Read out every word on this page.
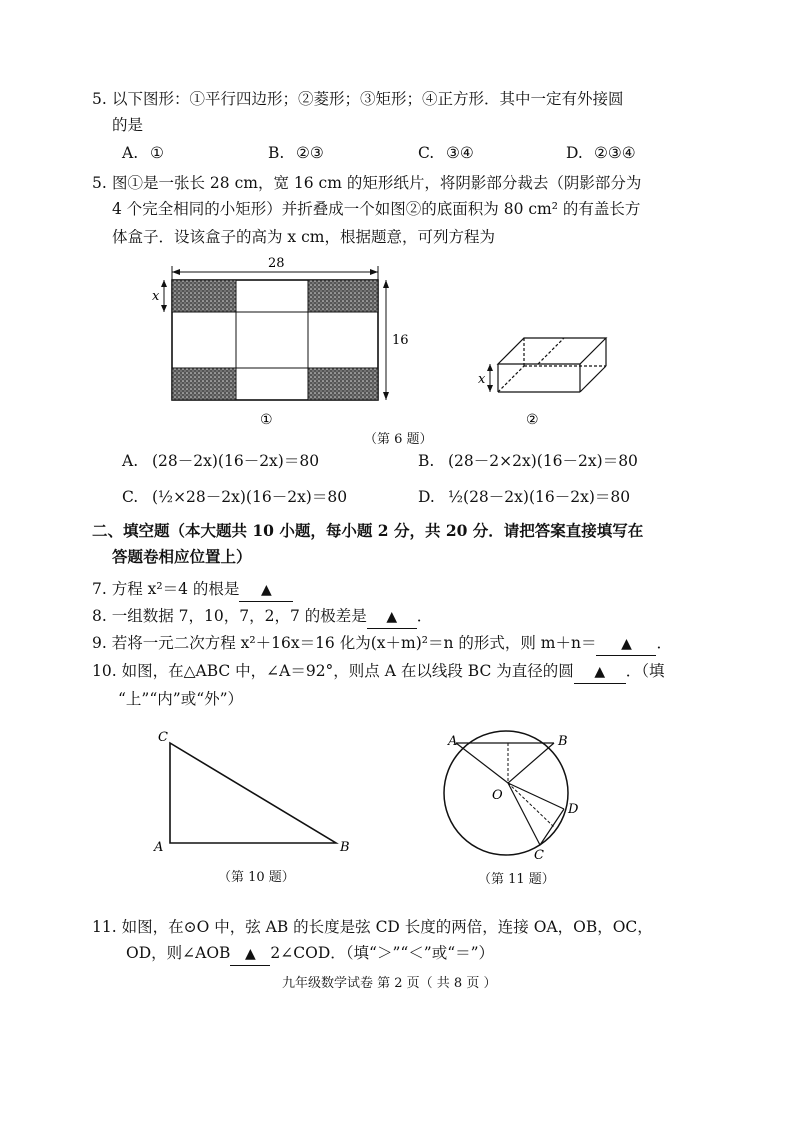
5. 以下图形：①平行四边形；②菱形；③矩形；④正方形．其中一定有外接圆
的是
A. ①	B. ②③	C. ③④	D. ②③④
5. 图①是一张长 28 cm，宽 16 cm 的矩形纸片，将阴影部分裁去（阴影部分为
4 个完全相同的小矩形）并折叠成一个如图②的底面积为 80 cm² 的有盖长方
体盒子．设该盒子的高为 x cm，根据题意，可列方程为
28
x
16
①
x
②
（第 6 题）
A. (28－2x)(16－2x)＝80	B. (28－2×2x)(16－2x)＝80
C. (½×28－2x)(16－2x)＝80	D. ½(28－2x)(16－2x)＝80
二、填空题（本大题共 10 小题，每小题 2 分，共 20 分．请把答案直接填写在
答题卷相应位置上）
7. 方程 x²＝4 的根是 ▲
8. 一组数据 7，10，7，2，7 的极差是 ▲ ．
9. 若将一元二次方程 x²＋16x＝16 化为(x＋m)²＝n 的形式，则 m＋n＝ ▲ ．
10. 如图，在△ABC 中，∠A＝92°，则点 A 在以线段 BC 为直径的圆 ▲ ．（填
“上”“内”或“外”）
C
A	B
（第 10 题）
A	B
O
D
C
（第 11 题）
11. 如图，在⊙O 中，弦 AB 的长度是弦 CD 长度的两倍，连接 OA，OB，OC，
OD，则∠AOB ▲ 2∠COD．（填“＞”“＜”或“＝”）
九年级数学试卷 第 2 页（ 共 8 页 ）
